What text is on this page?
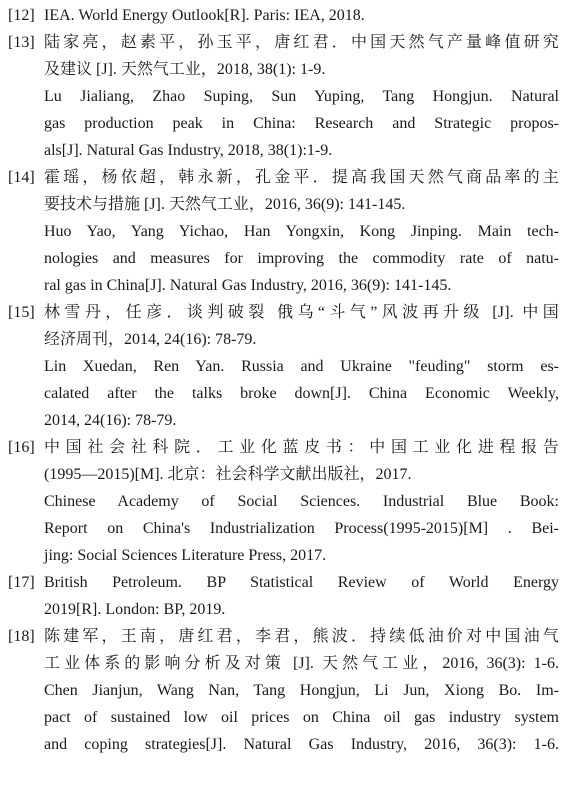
[12] IEA. World Energy Outlook[R]. Paris: IEA, 2018.
[13] 陆家亮，赵素平，孙玉平，唐红君．中国天然气产量峰值研究
及建议 [J]. 天然气工业，2018, 38(1): 1-9.
Lu Jialiang, Zhao Suping, Sun Yuping, Tang Hongjun. Natural
gas production peak in China: Research and Strategic propos-
als[J]. Natural Gas Industry, 2018, 38(1):1-9.
[14] 霍瑶，杨依超，韩永新，孔金平．提高我国天然气商品率的主
要技术与措施 [J]. 天然气工业，2016, 36(9): 141-145.
Huo Yao, Yang Yichao, Han Yongxin, Kong Jinping. Main tech-
nologies and measures for improving the commodity rate of natu-
ral gas in China[J]. Natural Gas Industry, 2016, 36(9): 141-145.
[15] 林雪丹，任彦．谈判破裂 俄乌“斗气”风波再升级 [J]. 中国
经济周刊，2014, 24(16): 78-79.
Lin Xuedan, Ren Yan. Russia and Ukraine "feuding" storm es-
calated after the talks broke down[J]. China Economic Weekly,
2014, 24(16): 78-79.
[16] 中国社会社科院．工业化蓝皮书：中国工业化进程报告
(1995—2015)[M]. 北京：社会科学文献出版社，2017.
Chinese Academy of Social Sciences. Industrial Blue Book:
Report on China's Industrialization Process(1995-2015)[M] . Bei-
jing: Social Sciences Literature Press, 2017.
[17] British Petroleum. BP Statistical Review of World Energy
2019[R]. London: BP, 2019.
[18] 陈建军，王南，唐红君，李君，熊波．持续低油价对中国油气
工业体系的影响分析及对策 [J]. 天然气工业，2016, 36(3): 1-6.
Chen Jianjun, Wang Nan, Tang Hongjun, Li Jun, Xiong Bo. Im-
pact of sustained low oil prices on China oil gas industry system
and coping strategies[J]. Natural Gas Industry, 2016, 36(3): 1-6.
